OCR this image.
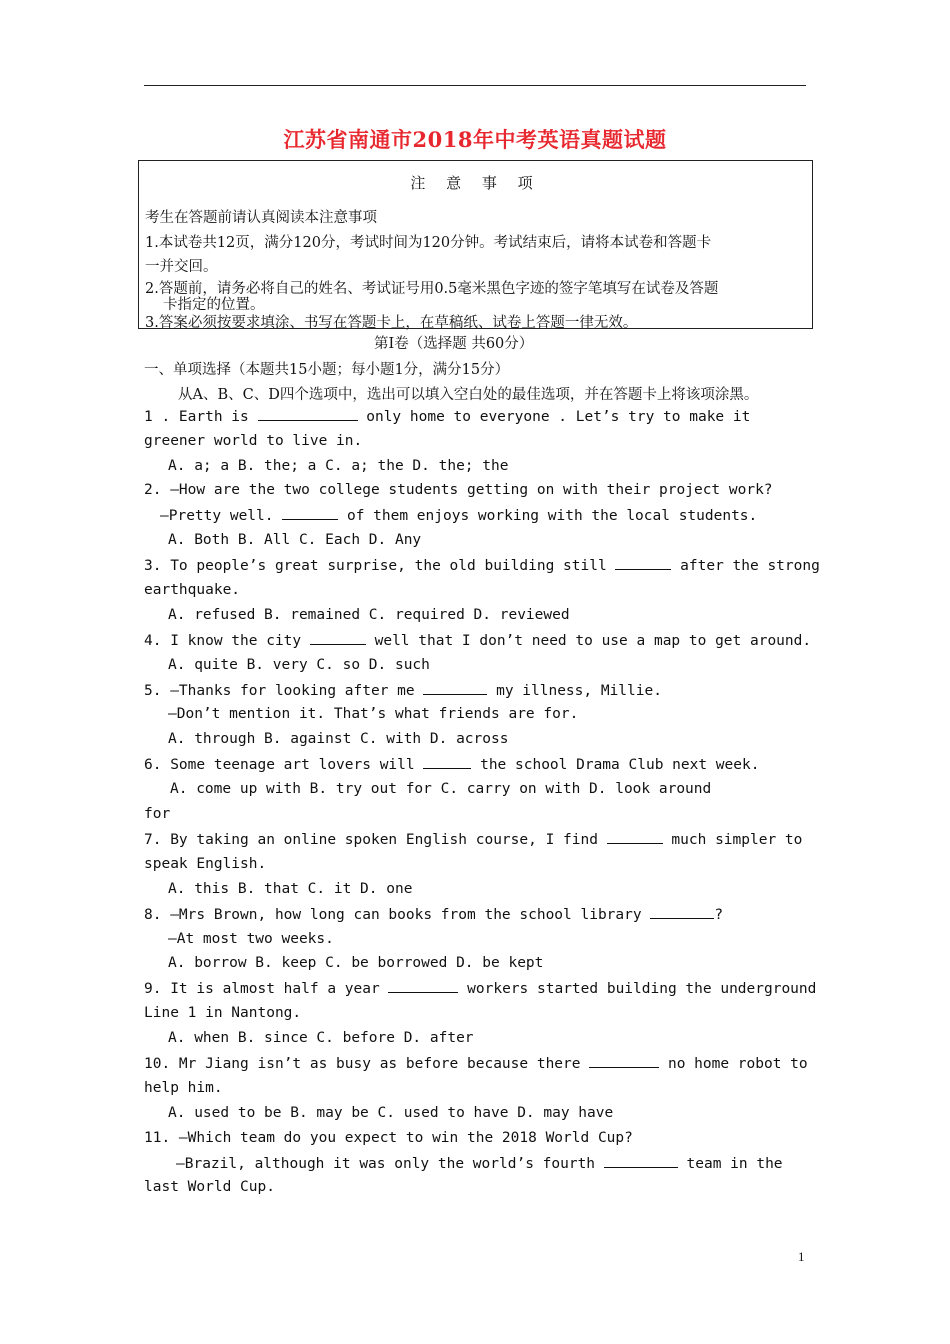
江苏省南通市2018年中考英语真题试题
注 意 事 项
考生在答题前请认真阅读本注意事项
1.本试卷共12页，满分120分，考试时间为120分钟。考试结束后，请将本试卷和答题卡
一并交回。
2.答题前，请务必将自己的姓名、考试证号用0.5毫米黑色字迹的签字笔填写在试卷及答题
卡指定的位置。
3.答案必须按要求填涂、书写在答题卡上，在草稿纸、试卷上答题一律无效。
第Ⅰ卷（选择题 共60分）
一、单项选择（本题共15小题；每小题1分，满分15分）
从A、B、C、D四个选项中，选出可以填入空白处的最佳选项，并在答题卡上将该项涂黑。
1 . Earth is	only home to everyone . Let’s try to make it
greener world to live in.
A. a; a B. the; a C. a; the D. the; the
2. —How are the two college students getting on with their project work?
—Pretty well.	of them enjoys working with the local students.
A. Both B. All C. Each D. Any
3. To people’s great surprise, the old building still	after the strong
earthquake.
A. refused B. remained C. required D. reviewed
4. I know the city	well that I don’t need to use a map to get around.
A. quite B. very C. so D. such
5. —Thanks for looking after me	my illness, Millie.
—Don’t mention it. That’s what friends are for.
A. through B. against C. with D. across
6. Some teenage art lovers will	the school Drama Club next week.
A. come up with B. try out for C. carry on with D. look around
for
7. By taking an online spoken English course, I find	much simpler to
speak English.
A. this B. that C. it D. one
8. —Mrs Brown, how long can books from the school library	?
—At most two weeks.
A. borrow B. keep C. be borrowed D. be kept
9. It is almost half a year	workers started building the underground
Line 1 in Nantong.
A. when B. since C. before D. after
10. Mr Jiang isn’t as busy as before because there	no home robot to
help him.
A. used to be B. may be C. used to have D. may have
11. —Which team do you expect to win the 2018 World Cup?
—Brazil, although it was only the world’s fourth	team in the
last World Cup.
1
